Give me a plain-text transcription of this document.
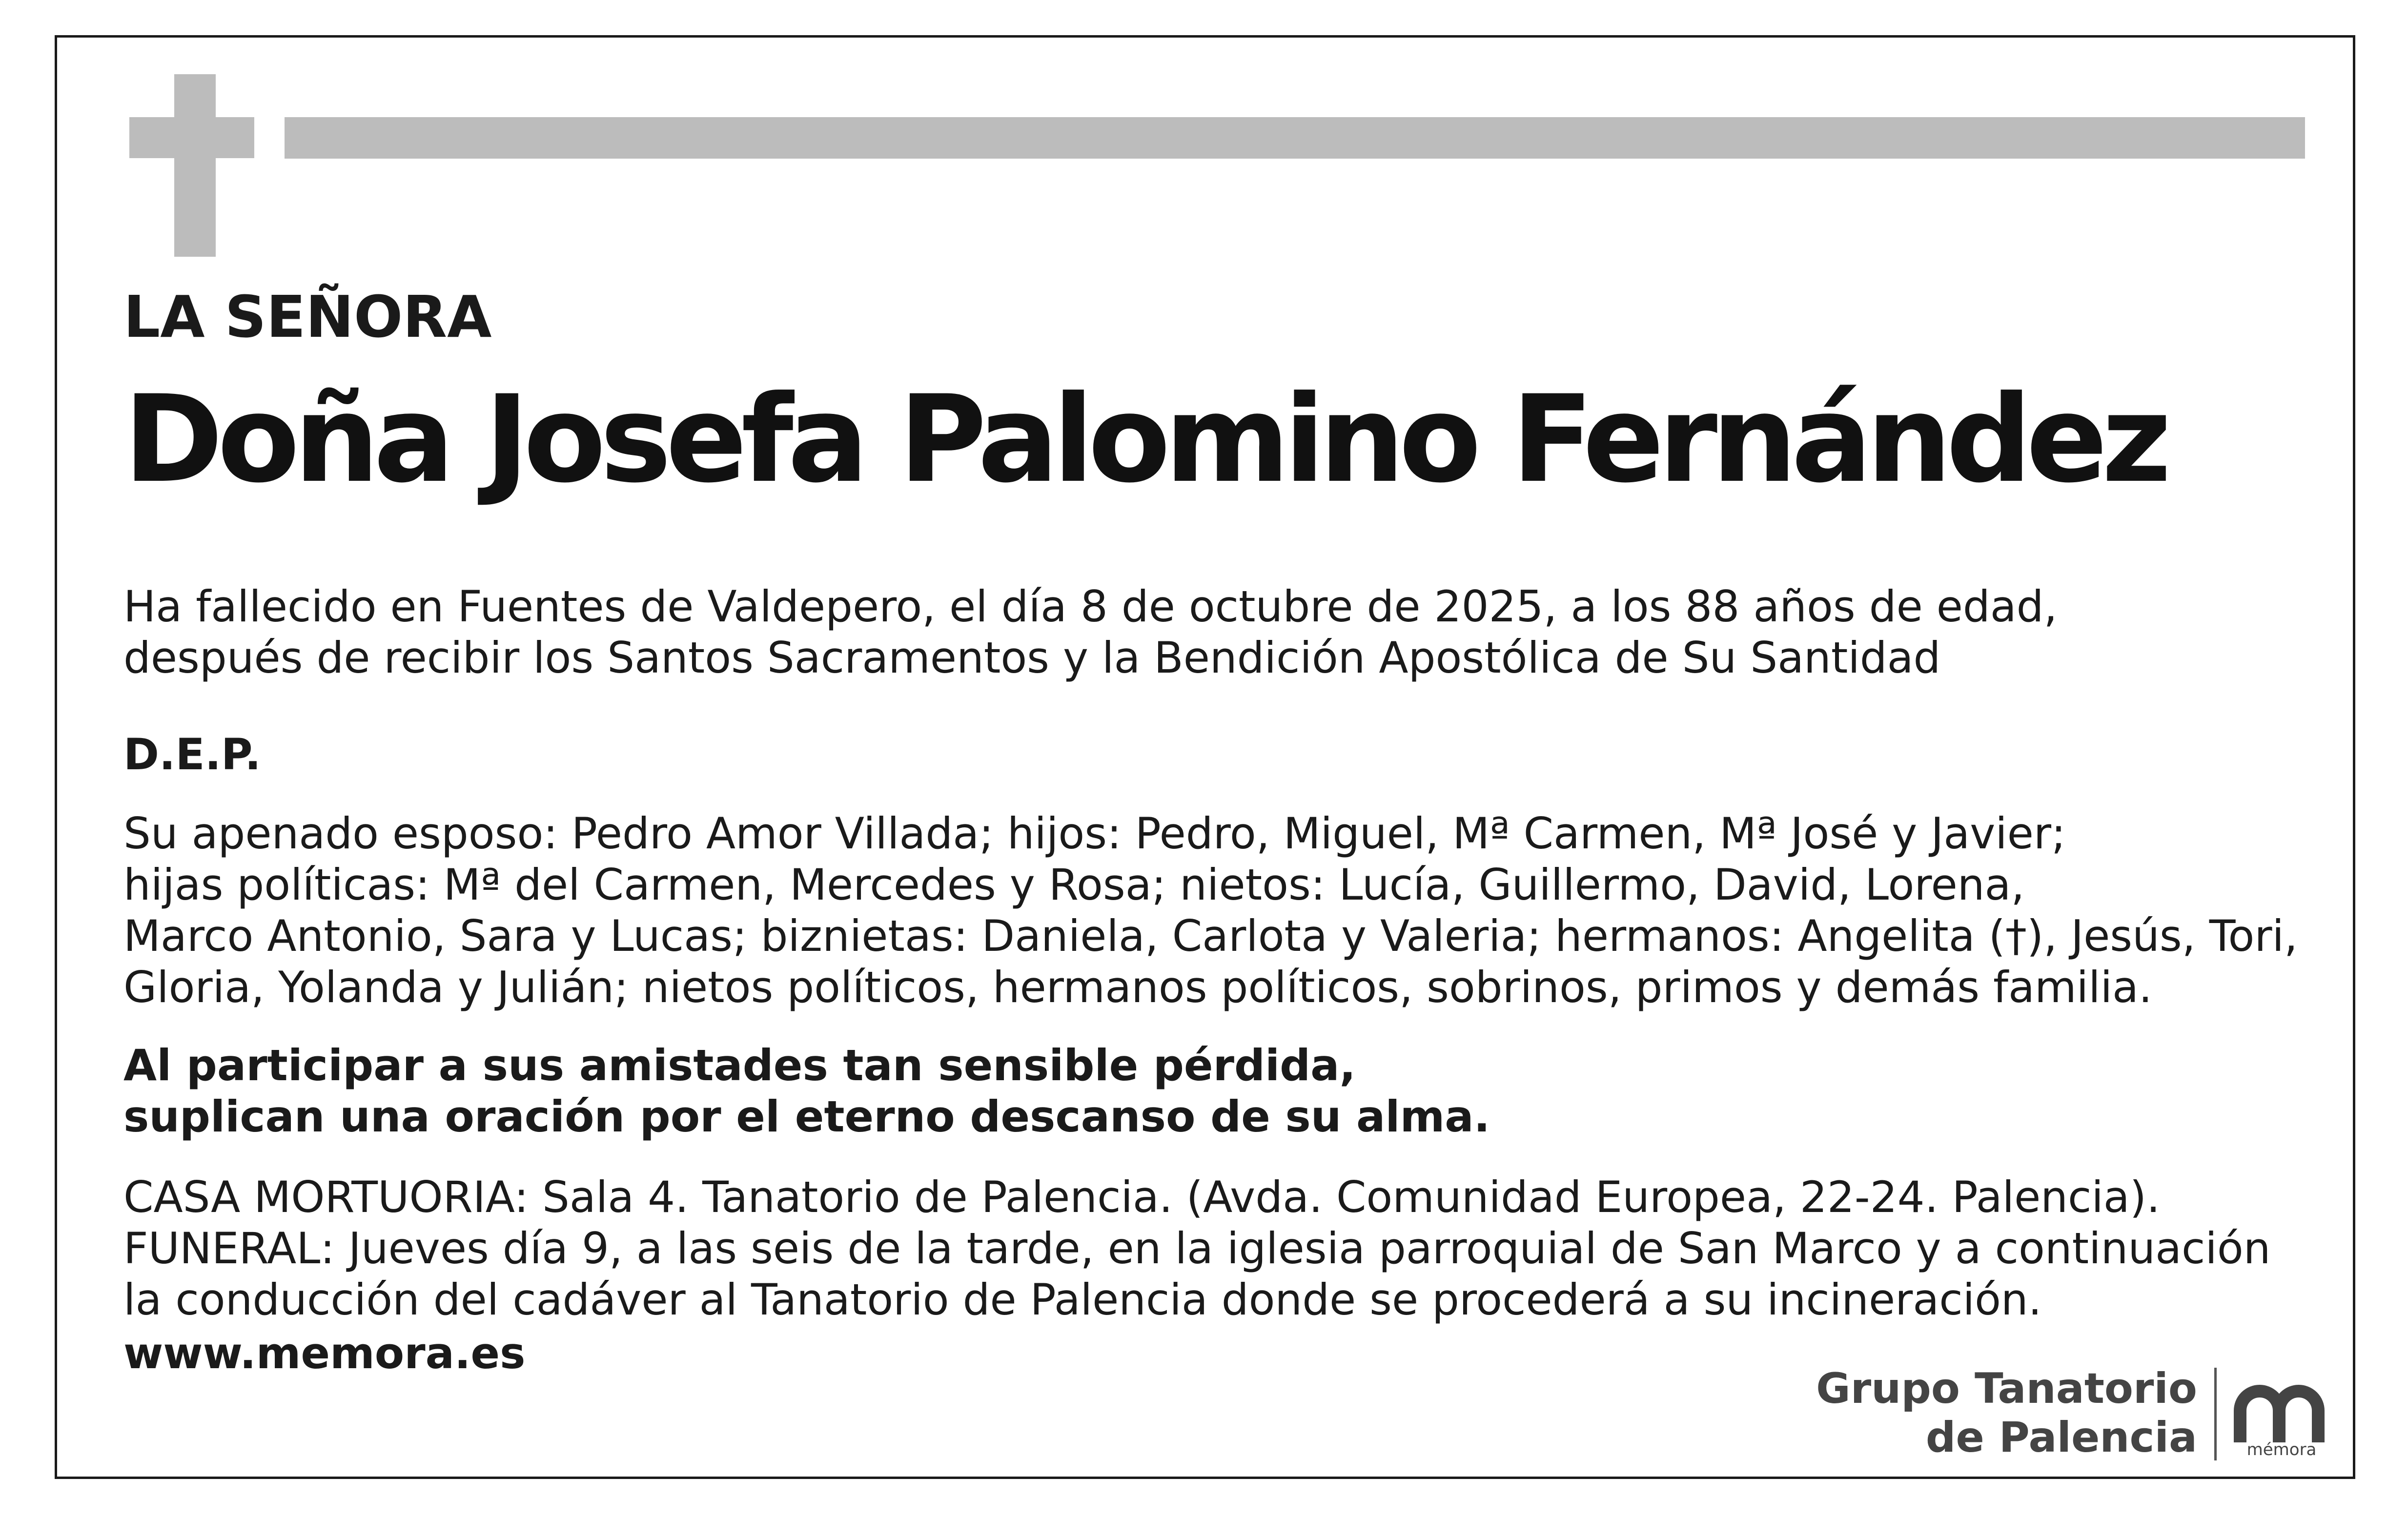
LA SEÑORA

Doña Josefa Palomino Fernández

Ha fallecido en Fuentes de Valdepero, el día 8 de octubre de 2025, a los 88 años de edad,
después de recibir los Santos Sacramentos y la Bendición Apostólica de Su Santidad

D.E.P.

Su apenado esposo: Pedro Amor Villada; hijos: Pedro, Miguel, Mª Carmen, Mª José y Javier;
hijas políticas: Mª del Carmen, Mercedes y Rosa; nietos: Lucía, Guillermo, David, Lorena,
Marco Antonio, Sara y Lucas; biznietas: Daniela, Carlota y Valeria; hermanos: Angelita (†), Jesús, Tori,
Gloria, Yolanda y Julián; nietos políticos, hermanos políticos, sobrinos, primos y demás familia.
Al participar a sus amistades tan sensible pérdida,
suplican una oración por el eterno descanso de su alma.
CASA MORTUORIA: Sala 4. Tanatorio de Palencia. (Avda. Comunidad Europea, 22-24. Palencia).
FUNERAL: Jueves día 9, a las seis de la tarde, en la iglesia parroquial de San Marco y a continuación
la conducción del cadáver al Tanatorio de Palencia donde se procederá a su incineración.

www.memora.es

Grupo Tanatorio
de Palencia	mémora
